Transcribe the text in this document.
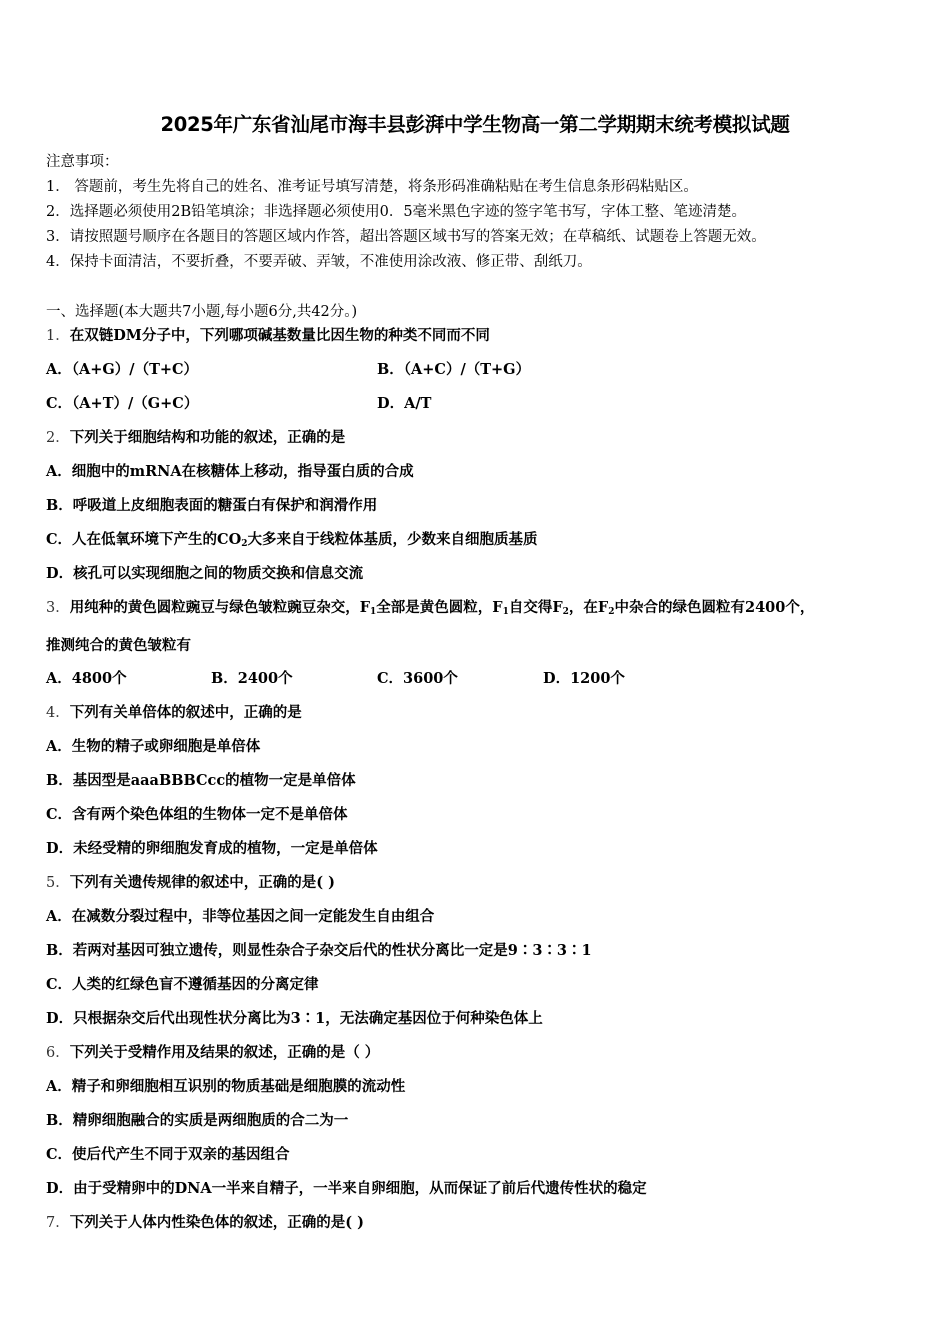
2025年广东省汕尾市海丰县彭湃中学生物高一第二学期期末统考模拟试题
注意事项：
1． 答题前，考生先将自己的姓名、准考证号填写清楚，将条形码准确粘贴在考生信息条形码粘贴区。
2．选择题必须使用2B铅笔填涂；非选择题必须使用0．5毫米黑色字迹的签字笔书写，字体工整、笔迹清楚。
3．请按照题号顺序在各题目的答题区域内作答，超出答题区域书写的答案无效；在草稿纸、试题卷上答题无效。
4．保持卡面清洁，不要折叠，不要弄破、弄皱，不准使用涂改液、修正带、刮纸刀。
一、选择题(本大题共7小题,每小题6分,共42分。)
1．在双链DM分子中，下列哪项碱基数量比因生物的种类不同而不同
A．（A+G）/（T+C）	B．（A+C）/（T+G）
C．（A+T）/（G+C）	D．A/T
2．下列关于细胞结构和功能的叙述，正确的是
A．细胞中的mRNA在核糖体上移动，指导蛋白质的合成
B．呼吸道上皮细胞表面的糖蛋白有保护和润滑作用
C．人在低氧环境下产生的$CO_2$大多来自于线粒体基质，少数来自细胞质基质
D．核孔可以实现细胞之间的物质交换和信息交流
3．用纯种的黄色圆粒豌豆与绿色皱粒豌豆杂交，$F_1$全部是黄色圆粒，$F_1$自交得$F_2$，在$F_2$中杂合的绿色圆粒有2400个，
推测纯合的黄色皱粒有
A．4800个	B．2400个	C．3600个	D．1200个
4．下列有关单倍体的叙述中，正确的是
A．生物的精子或卵细胞是单倍体
B．基因型是aaaBBBCcc的植物一定是单倍体
C．含有两个染色体组的生物体一定不是单倍体
D．未经受精的卵细胞发育成的植物，一定是单倍体
5．下列有关遗传规律的叙述中，正确的是( )
A．在减数分裂过程中，非等位基因之间一定能发生自由组合
B．若两对基因可独立遗传，则显性杂合子杂交后代的性状分离比一定是9∶3∶3∶1
C．人类的红绿色盲不遵循基因的分离定律
D．只根据杂交后代出现性状分离比为3∶1，无法确定基因位于何种染色体上
6．下列关于受精作用及结果的叙述，正确的是（ ）
A．精子和卵细胞相互识别的物质基础是细胞膜的流动性
B．精卵细胞融合的实质是两细胞质的合二为一
C．使后代产生不同于双亲的基因组合
D．由于受精卵中的DNA一半来自精子，一半来自卵细胞，从而保证了前后代遗传性状的稳定
7．下列关于人体内性染色体的叙述，正确的是( )
